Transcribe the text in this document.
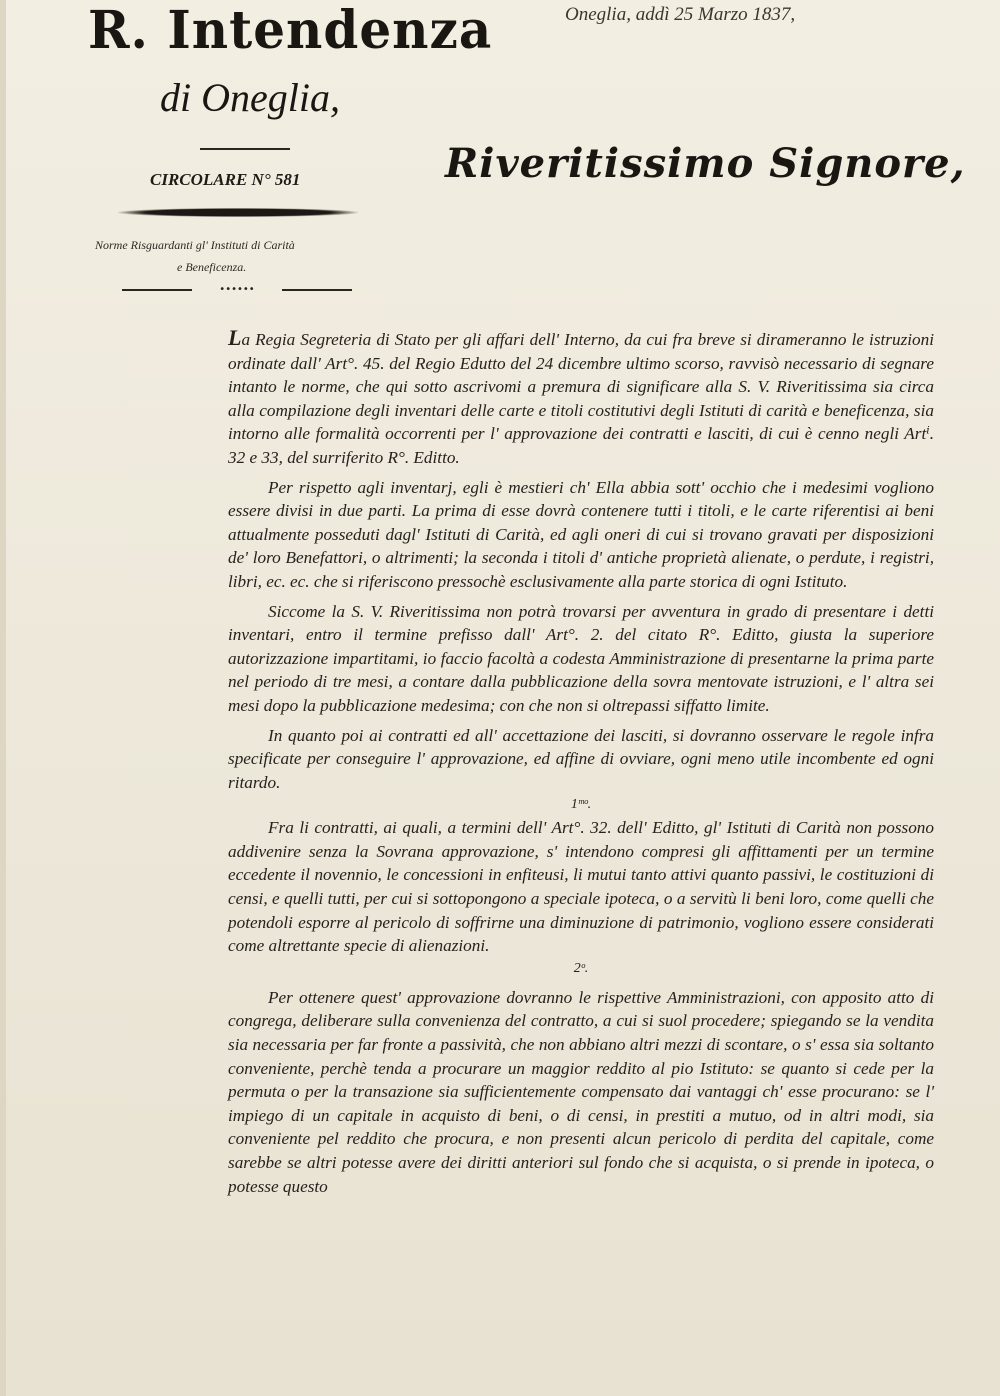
R. Intendenza
di Oneglia,
Oneglia, addì 25 Marzo 1837,
CIRCOLARE N° 581	Riveritissimo Signore,
Norme Risguardanti gl' Instituti di Carità
e Beneficenza.
••••••

La Regia Segreteria di Stato per gli affari dell' Interno, da cui fra breve si dirameranno le istruzioni ordinate dall' Art°. 45. del Regio Edutto del 24 dicembre ultimo scorso, ravvisò necessario di segnare intanto le norme, che qui sotto ascrivomi a premura di significare alla S. V. Riveritissima sia circa alla compilazione degli inventari delle carte e titoli costitutivi degli Istituti di carità e beneficenza, sia intorno alle formalità occorrenti per l' approvazione dei contratti e lasciti, di cui è cenno negli Artⁱ. 32 e 33, del surriferito R°. Editto.

Per rispetto agli inventarj, egli è mestieri ch' Ella abbia sott' occhio che i medesimi vogliono essere divisi in due parti. La prima di esse dovrà contenere tutti i titoli, e le carte riferentisi ai beni attualmente posseduti dagl' Istituti di Carità, ed agli oneri di cui si trovano gravati per disposizioni de' loro Benefattori, o altrimenti; la seconda i titoli d' antiche proprietà alienate, o perdute, i registri, libri, ec. ec. che si riferiscono pressochè esclusivamente alla parte storica di ogni Istituto.

Siccome la S. V. Riveritissima non potrà trovarsi per avventura in grado di presentare i detti inventari, entro il termine prefisso dall' Art°. 2. del citato R°. Editto, giusta la superiore autorizzazione impartitami, io faccio facoltà a codesta Amministrazione di presentarne la prima parte nel periodo di tre mesi, a contare dalla pubblicazione della sovra mentovate istruzioni, e l' altra sei mesi dopo la pubblicazione medesima; con che non si oltrepassi siffatto limite.

In quanto poi ai contratti ed all' accettazione dei lasciti, si dovranno osservare le regole infra specificate per conseguire l' approvazione, ed affine di ovviare, ogni meno utile incombente ed ogni ritardo.

1ᵐᵒ.

Fra li contratti, ai quali, a termini dell' Art°. 32. dell' Editto, gl' Istituti di Carità non possono addivenire senza la Sovrana approvazione, s' intendono compresi gli affittamenti per un termine eccedente il novennio, le concessioni in enfiteusi, li mutui tanto attivi quanto passivi, le costituzioni di censi, e quelli tutti, per cui si sottopongono a speciale ipoteca, o a servitù li beni loro, come quelli che potendoli esporre al pericolo di soffrirne una diminuzione di patrimonio, vogliono essere considerati come altrettante specie di alienazioni.

2ᵒ.

Per ottenere quest' approvazione dovranno le rispettive Amministrazioni, con apposito atto di congrega, deliberare sulla convenienza del contratto, a cui si suol procedere; spiegando se la vendita sia necessaria per far fronte a passività, che non abbiano altri mezzi di scontare, o s' essa sia soltanto conveniente, perchè tenda a procurare un maggior reddito al pio Istituto: se quanto si cede per la permuta o per la transazione sia sufficientemente compensato dai vantaggi ch' esse procurano: se l' impiego di un capitale in acquisto di beni, o di censi, in prestiti a mutuo, od in altri modi, sia conveniente pel reddito che procura, e non presenti alcun pericolo di perdita del capitale, come sarebbe se altri potesse avere dei diritti anteriori sul fondo che si acquista, o si prende in ipoteca, o potesse questo
